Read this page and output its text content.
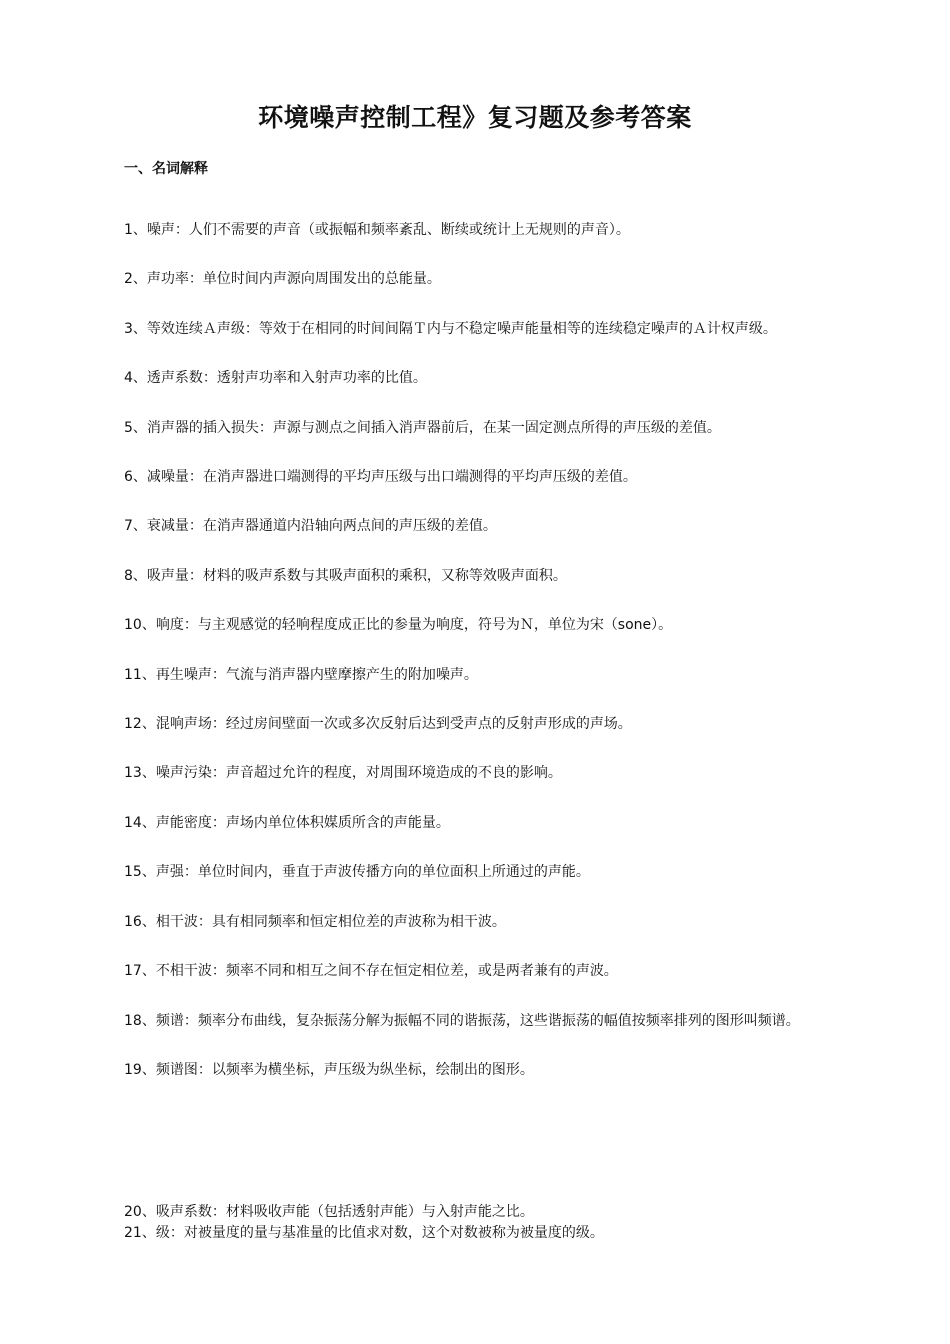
环境噪声控制工程》复习题及参考答案
一、名词解释
1、噪声：人们不需要的声音（或振幅和频率紊乱、断续或统计上无规则的声音）。
2、声功率：单位时间内声源向周围发出的总能量。
3、等效连续Ａ声级：等效于在相同的时间间隔Ｔ内与不稳定噪声能量相等的连续稳定噪声的Ａ计权声级。
4、透声系数：透射声功率和入射声功率的比值。
5、消声器的插入损失：声源与测点之间插入消声器前后，在某一固定测点所得的声压级的差值。
6、减噪量：在消声器进口端测得的平均声压级与出口端测得的平均声压级的差值。
7、衰减量：在消声器通道内沿轴向两点间的声压级的差值。
8、吸声量：材料的吸声系数与其吸声面积的乘积，又称等效吸声面积。
10、响度：与主观感觉的轻响程度成正比的参量为响度，符号为Ｎ，单位为宋（sone）。
11、再生噪声：气流与消声器内壁摩擦产生的附加噪声。
12、混响声场：经过房间壁面一次或多次反射后达到受声点的反射声形成的声场。
13、噪声污染：声音超过允许的程度，对周围环境造成的不良的影响。
14、声能密度：声场内单位体积媒质所含的声能量。
15、声强：单位时间内，垂直于声波传播方向的单位面积上所通过的声能。
16、相干波：具有相同频率和恒定相位差的声波称为相干波。
17、不相干波：频率不同和相互之间不存在恒定相位差，或是两者兼有的声波。
18、频谱：频率分布曲线，复杂振荡分解为振幅不同的谐振荡，这些谐振荡的幅值按频率排列的图形叫频谱。
19、频谱图：以频率为横坐标，声压级为纵坐标，绘制出的图形。
20、吸声系数：材料吸收声能（包括透射声能）与入射声能之比。
21、级：对被量度的量与基准量的比值求对数，这个对数被称为被量度的级。
